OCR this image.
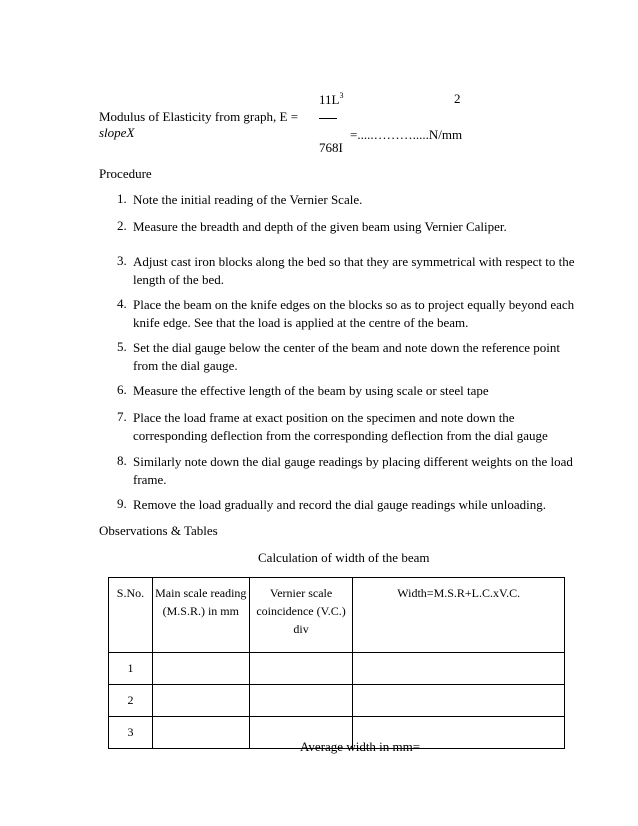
Modulus of Elasticity from graph, E =
slopeX
$11L^3$
=.....……….....N/mm
2
768I
Procedure
1. Note the initial reading of the Vernier Scale.
2. Measure the breadth and depth of the given beam using Vernier Caliper.
3. Adjust cast iron blocks along the bed so that they are symmetrical with respect to the length of the bed.
4. Place the beam on the knife edges on the blocks so as to project equally beyond each knife edge. See that the load is applied at the centre of the beam.
5. Set the dial gauge below the center of the beam and note down the reference point from the dial gauge.
6. Measure the effective length of the beam by using scale or steel tape
7. Place the load frame at exact position on the specimen and note down the corresponding deflection from the corresponding deflection from the dial gauge
8. Similarly note down the dial gauge readings by placing different weights on the load frame.
9. Remove the load gradually and record the dial gauge readings while unloading.
Observations & Tables
Calculation of width of the beam
S.No.	Main scale reading (M.S.R.) in mm	Vernier scale coincidence (V.C.) div	Width=M.S.R+L.C.xV.C.
1			
2			
3			
Average width in mm=
